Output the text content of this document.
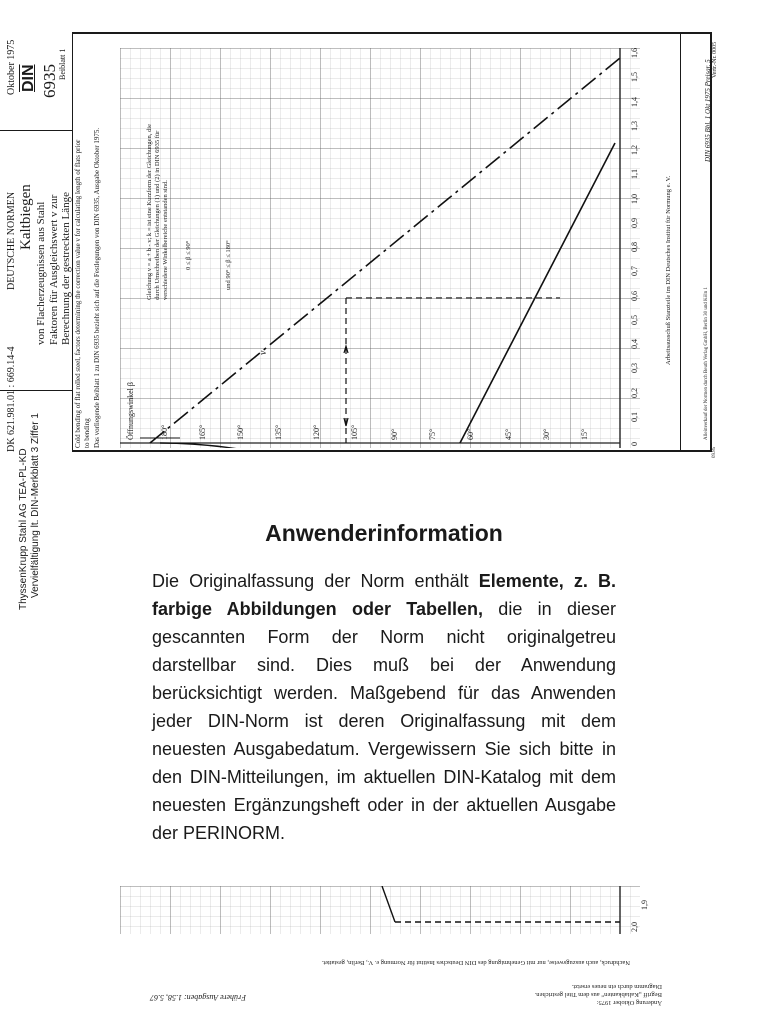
Oktober 1975 DIN 6935 Beiblatt 1
DEUTSCHE NORMEN
DK 621.981.01 : 669.14-4
Kaltbiegen von Flacherzeugnissen aus Stahl Faktoren für Ausgleichswert v zur Berechnung der gestreckten Länge Cold bending of flat rolled steel, factors determining the correction value v for calculating length of flats prior to bending Das vorliegende Beiblatt 1 zu DIN 6935 bezieht sich auf die Festlegungen von DIN 6935, Ausgabe Oktober 1975.
ThyssenKrupp Stahl AG TEA-PL-KD Vervielfältigung lt. DIN-Merkblatt 3 Ziffer 1
DIN 6935 Bbl. 1 Okt 1975 Preisgr. 5 Vertr.-Nr. 0005
Alleinverkauf der Normen durch Beuth Verlag GmbH, Berlin 30 und Köln 1
09.85
Öffnungswinkel β	180°	165°	150°	135°	120°	105°	90°	75°	60°	45°	30°	15°
0
0,1
0,2
0,3
0,4
0,5
0,6
0,7
0,8
0,9
1,0
1,1
1,2
1,3
1,4
1,5
1,6
v
Gleichung v = a + b - v; k = ist eine Kurzform der Gleichungen, die durch Umschreiben der Gleichungen (1) und (2) in DIN 6935 für verschiedene Winkelbereiche entstanden sind. 0 ≤ β ≤ 90°	und 90° ≤ β ≤ 180°	Arbeitsausschuß Stanzteile im DIN Deutsches Institut für Normung e. V.
Anwenderinformation

Die Originalfassung der Norm enthält Elemente, z. B. farbige Abbildungen oder Tabellen, die in dieser gescannten Form der Norm nicht originalgetreu darstellbar sind. Dies muß bei der Anwendung berücksichtigt werden. Maßgebend für das Anwenden jeder DIN-Norm ist deren Originalfassung mit dem neuesten Ausgabedatum. Vergewissern Sie sich bitte in den DIN-Mitteilungen, im aktuellen DIN-Katalog mit dem neuesten Ergänzungsheft oder in der aktuellen Ausgabe der PERINORM.

2,0
1,9
Nachdruck, auch auszugsweise, nur mit Genehmigung des DIN Deutsches Institut für Normung e. V., Berlin, gestattet.
Frühere Ausgaben: 1.58, 5.67
Änderung Oktober 1975:
Begriff „Kaltabkanten“ aus dem Titel gestrichen.
Diagramm durch ein neues ersetzt.
